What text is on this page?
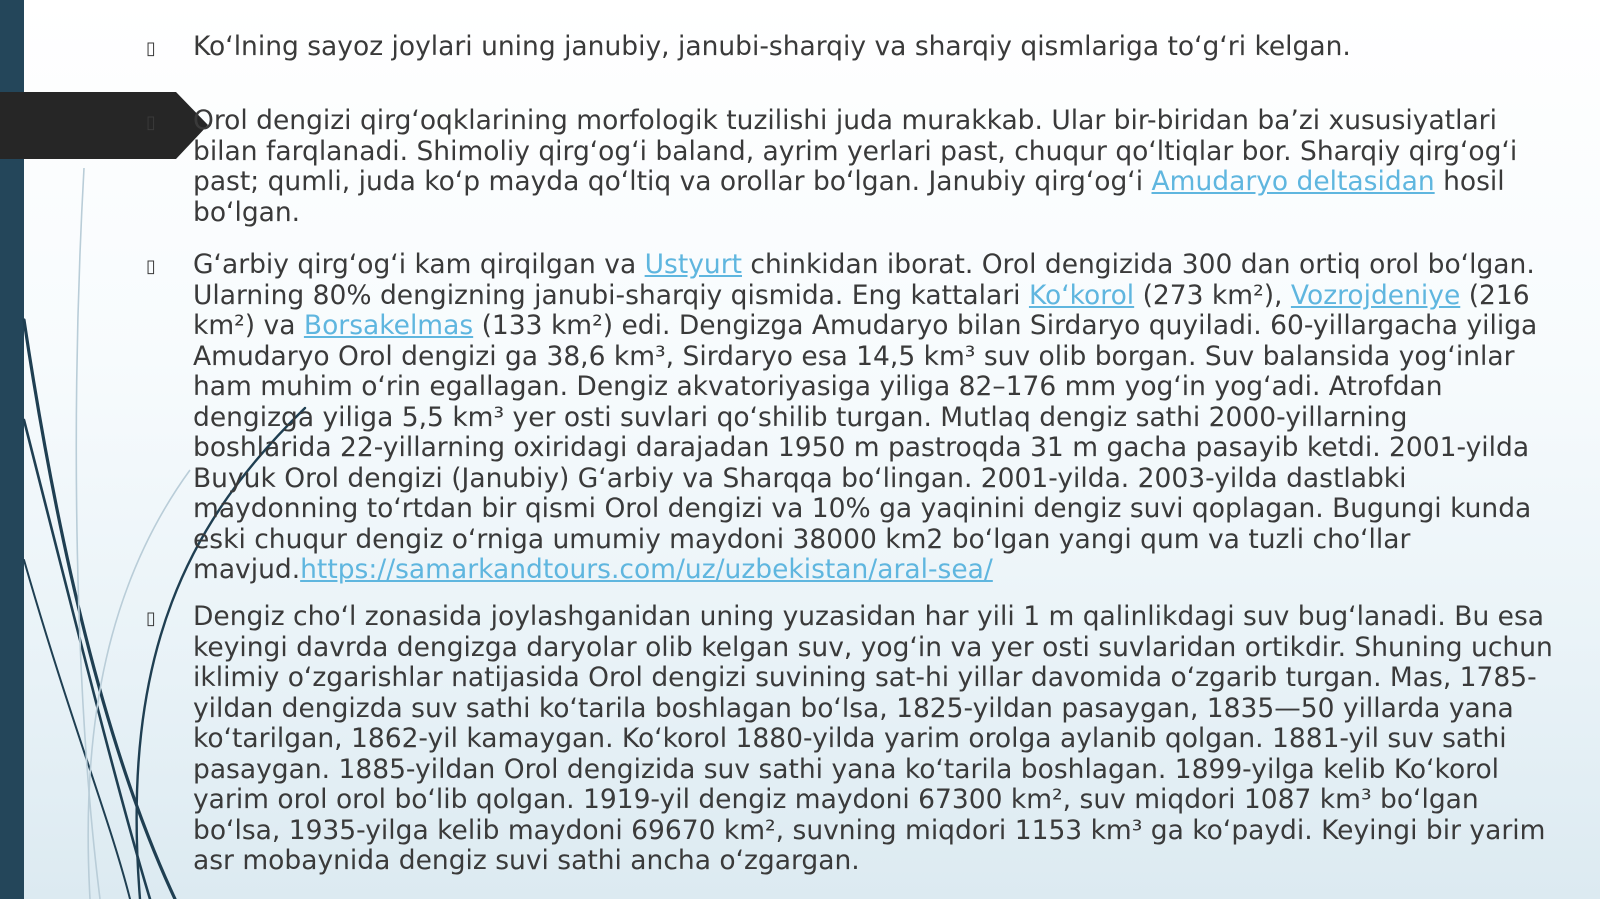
▯ Ko‘lning sayoz joylari uning janubiy, janubi-sharqiy va sharqiy qismlariga to‘g‘ri kelgan.
▯ Orol dengizi qirg‘oqklarining morfologik tuzilishi juda murakkab. Ular bir-biridan ba’zi xususiyatlari bilan farqlanadi. Shimoliy qirg‘og‘i baland, ayrim yerlari past, chuqur qo‘ltiqlar bor. Sharqiy qirg‘og‘i past; qumli, juda ko‘p mayda qo‘ltiq va orollar bo‘lgan. Janubiy qirg‘og‘i Amudaryo deltasidan hosil bo‘lgan.
▯ G‘arbiy qirg‘og‘i kam qirqilgan va Ustyurt chinkidan iborat. Orol dengizida 300 dan ortiq orol bo‘lgan. Ularning 80% dengizning janubi-sharqiy qismida. Eng kattalari Ko‘korol (273 km²), Vozrojdeniye (216 km²) va Borsakelmas (133 km²) edi. Dengizga Amudaryo bilan Sirdaryo quyiladi. 60-yillargacha yiliga Amudaryo Orol dengizi ga 38,6 km³, Sirdaryo esa 14,5 km³ suv olib borgan. Suv balansida yog‘inlar ham muhim o‘rin egallagan. Dengiz akvatoriyasiga yiliga 82–176 mm yog‘in yog‘adi. Atrofdan dengizga yiliga 5,5 km³ yer osti suvlari qo‘shilib turgan. Mutlaq dengiz sathi 2000-yillarning boshlarida 22-yillarning oxiridagi darajadan 1950 m pastroqda 31 m gacha pasayib ketdi. 2001-yilda Buyuk Orol dengizi (Janubiy) G‘arbiy va Sharqqa bo‘lingan. 2001-yilda. 2003-yilda dastlabki maydonning to‘rtdan bir qismi Orol dengizi va 10% ga yaqinini dengiz suvi qoplagan. Bugungi kunda eski chuqur dengiz o‘rniga umumiy maydoni 38000 km2 bo‘lgan yangi qum va tuzli cho‘llar mavjud.https://samarkandtours.com/uz/uzbekistan/aral-sea/
▯ Dengiz cho‘l zonasida joylashganidan uning yuzasidan har yili 1 m qalinlikdagi suv bug‘lanadi. Bu esa keyingi davrda dengizga daryolar olib kelgan suv, yog‘in va yer osti suvlaridan ortikdir. Shuning uchun iklimiy o‘zgarishlar natijasida Orol dengizi suvining sat-hi yillar davomida o‘zgarib turgan. Mas, 1785-yildan dengizda suv sathi ko‘tarila boshlagan bo‘lsa, 1825-yildan pasaygan, 1835—50 yillarda yana ko‘tarilgan, 1862-yil kamaygan. Ko‘korol 1880-yilda yarim orolga aylanib qolgan. 1881-yil suv sathi pasaygan. 1885-yildan Orol dengizida suv sathi yana ko‘tarila boshlagan. 1899-yilga kelib Ko‘korol yarim orol orol bo‘lib qolgan. 1919-yil dengiz maydoni 67300 km², suv miqdori 1087 km³ bo‘lgan bo‘lsa, 1935-yilga kelib maydoni 69670 km², suvning miqdori 1153 km³ ga ko‘paydi. Keyingi bir yarim asr mobaynida dengiz suvi sathi ancha o‘zgargan.
